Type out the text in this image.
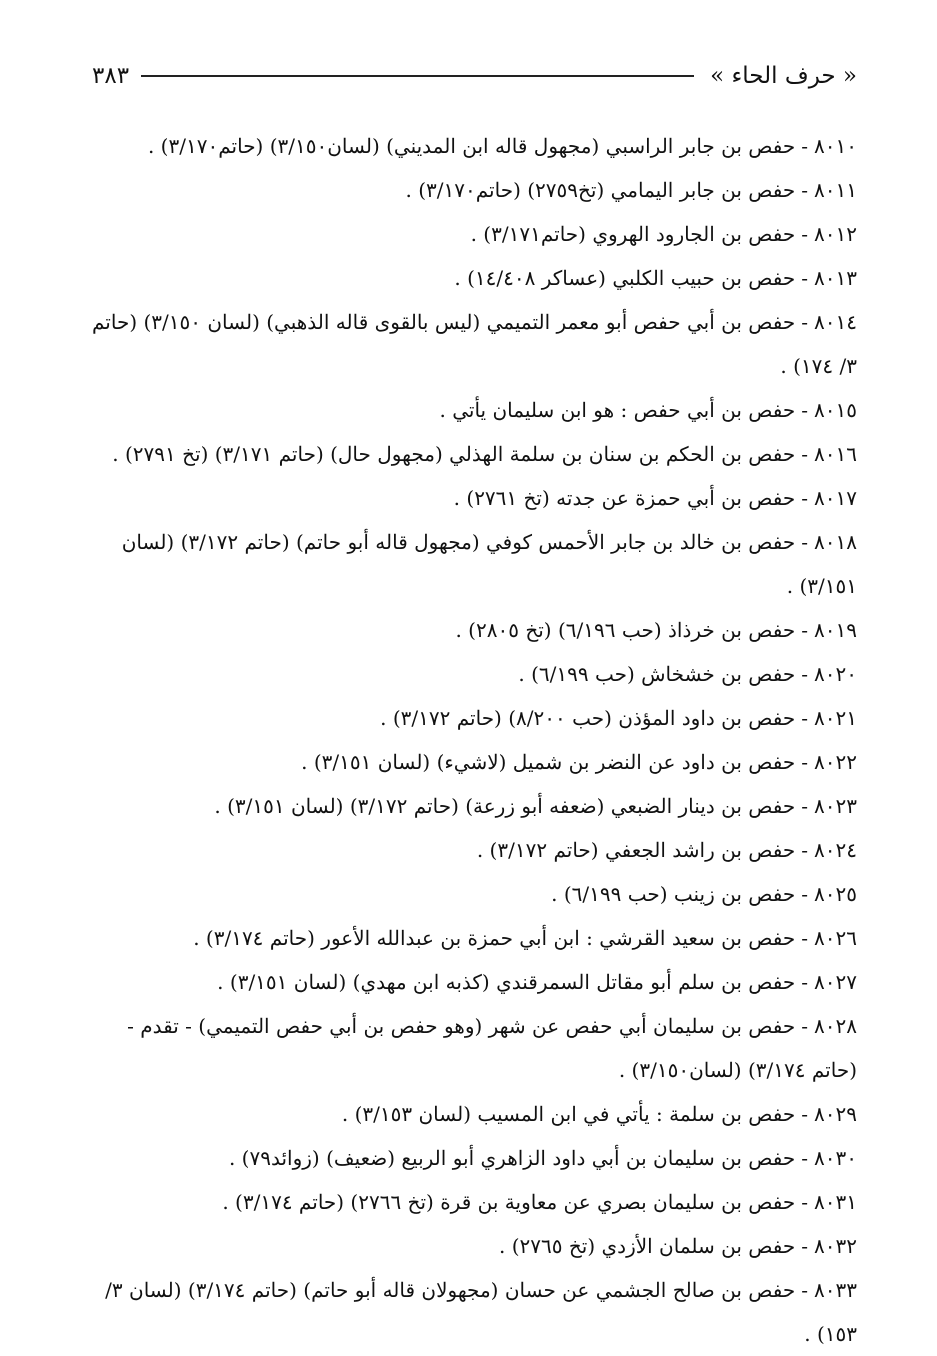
« حرف الحاء »
٣٨٣
٨٠١٠-حفص بن جابر الراسبي (مجهول قاله ابن المديني) (لسان٣/١٥٠) (حاتم٣/١٧٠) .
٨٠١١-حفص بن جابر اليمامي (تخ٢٧٥٩) (حاتم٣/١٧٠) .
٨٠١٢-حفص بن الجارود الهروي (حاتم٣/١٧١) .
٨٠١٣-حفص بن حبيب الكلبي (عساكر ١٤/٤٠٨) .
٨٠١٤-حفص بن أبي حفص أبو معمر التميمي (ليس بالقوى قاله الذهبي) (لسان ٣/١٥٠) (حاتم ٣/ ١٧٤) .
٨٠١٥-حفص بن أبي حفص : هو ابن سليمان يأتي .
٨٠١٦-حفص بن الحكم بن سنان بن سلمة الهذلي (مجهول حال) (حاتم ٣/١٧١) (تخ ٢٧٩١) .
٨٠١٧-حفص بن أبي حمزة عن جدته (تخ ٢٧٦١) .
٨٠١٨-حفص بن خالد بن جابر الأحمس كوفي (مجهول قاله أبو حاتم) (حاتم ٣/١٧٢) (لسان ٣/١٥١) .
٨٠١٩-حفص بن خرذاذ (حب ٦/١٩٦) (تخ ٢٨٠٥) .
٨٠٢٠-حفص بن خشخاش (حب ٦/١٩٩) .
٨٠٢١-حفص بن داود المؤذن (حب ٨/٢٠٠) (حاتم ٣/١٧٢) .
٨٠٢٢-حفص بن داود عن النضر بن شميل (لاشيء) (لسان ٣/١٥١) .
٨٠٢٣-حفص بن دينار الضبعي (ضعفه أبو زرعة) (حاتم ٣/١٧٢) (لسان ٣/١٥١) .
٨٠٢٤-حفص بن راشد الجعفي (حاتم ٣/١٧٢) .
٨٠٢٥-حفص بن زينب (حب ٦/١٩٩) .
٨٠٢٦-حفص بن سعيد القرشي : ابن أبي حمزة بن عبدالله الأعور (حاتم ٣/١٧٤) .
٨٠٢٧-حفص بن سلم أبو مقاتل السمرقندي (كذبه ابن مهدي) (لسان ٣/١٥١) .
٨٠٢٨-حفص بن سليمان أبي حفص عن شهر (وهو حفص بن أبي حفص التميمي) - تقدم - (حاتم ٣/١٧٤) (لسان٣/١٥٠) .
٨٠٢٩-حفص بن سلمة : يأتي في ابن المسيب (لسان ٣/١٥٣) .
٨٠٣٠-حفص بن سليمان بن أبي داود الزاهري أبو الربيع (ضعيف) (زوائد٧٩) .
٨٠٣١-حفص بن سليمان بصري عن معاوية بن قرة (تخ ٢٧٦٦) (حاتم ٣/١٧٤) .
٨٠٣٢-حفص بن سلمان الأزدي (تخ ٢٧٦٥) .
٨٠٣٣-حفص بن صالح الجشمي عن حسان (مجهولان قاله أبو حاتم) (حاتم ٣/١٧٤) (لسان ٣/ ١٥٣) .
